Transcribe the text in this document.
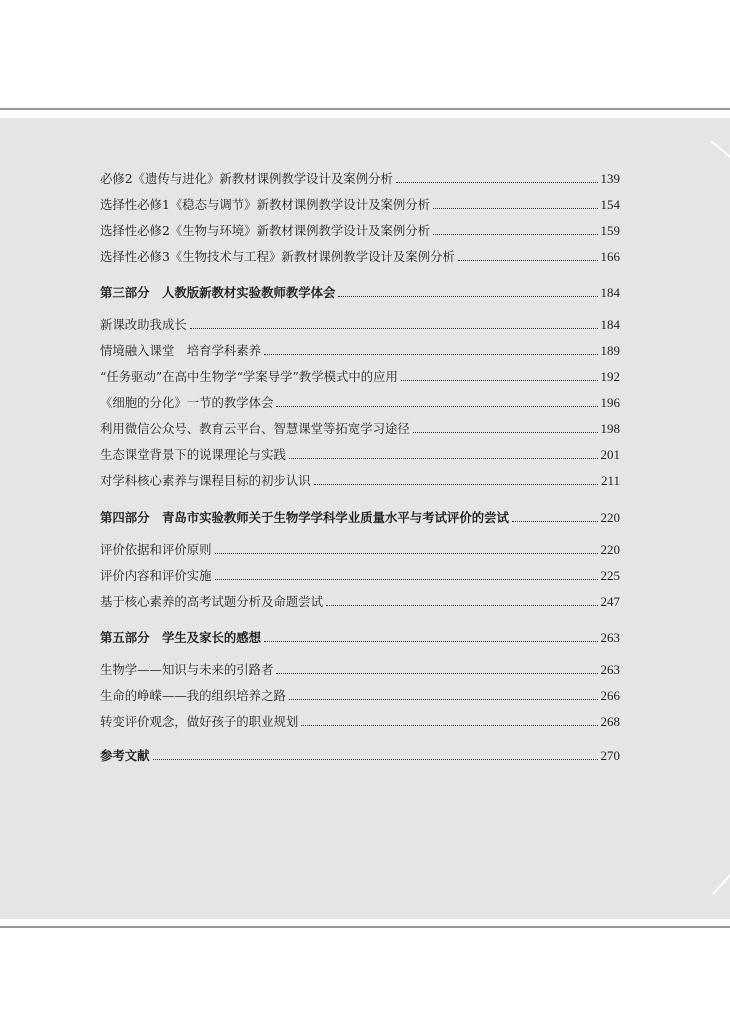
必修2《遗传与进化》新教材课例教学设计及案例分析	139
选择性必修1《稳态与调节》新教材课例教学设计及案例分析	154
选择性必修2《生物与环境》新教材课例教学设计及案例分析	159
选择性必修3《生物技术与工程》新教材课例教学设计及案例分析	166
第三部分　人教版新教材实验教师教学体会	184
新课改助我成长	184
情境融入课堂　培育学科素养	189
“任务驱动”在高中生物学“学案导学”教学模式中的应用	192
《细胞的分化》一节的教学体会	196
利用微信公众号、教育云平台、智慧课堂等拓宽学习途径	198
生态课堂背景下的说课理论与实践	201
对学科核心素养与课程目标的初步认识	211
第四部分　青岛市实验教师关于生物学学科学业质量水平与考试评价的尝试	220
评价依据和评价原则	220
评价内容和评价实施	225
基于核心素养的高考试题分析及命题尝试	247
第五部分　学生及家长的感想	263
生物学——知识与未来的引路者	263
生命的峥嵘——我的组织培养之路	266
转变评价观念，做好孩子的职业规划	268
参考文献	270
